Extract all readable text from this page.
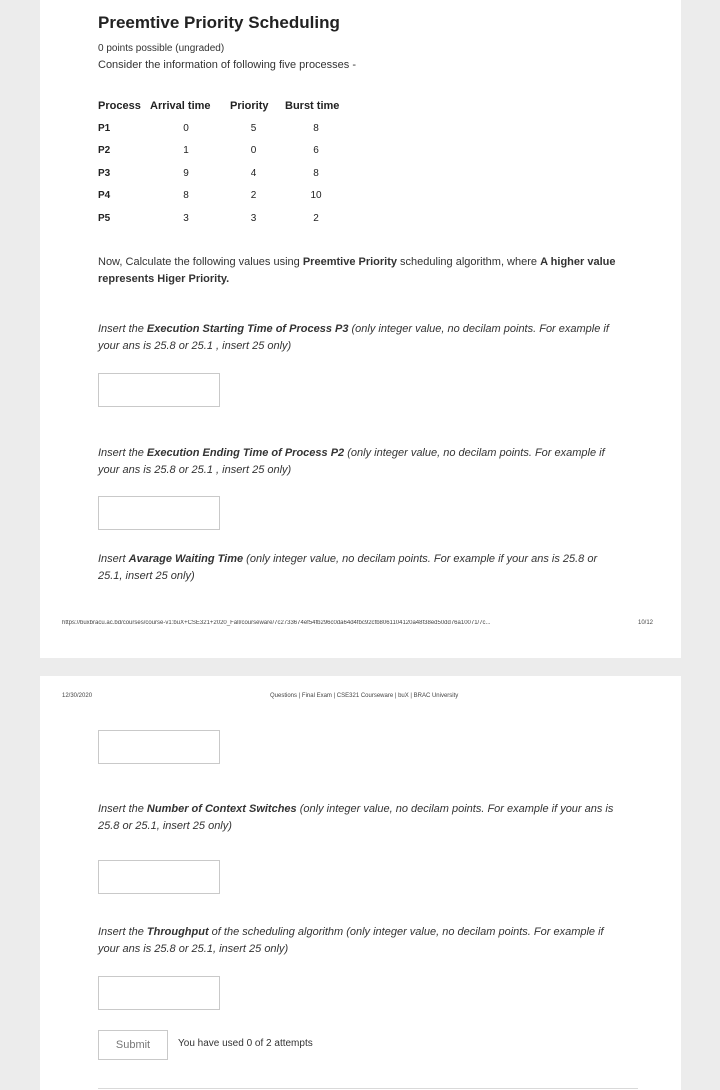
Preemtive Priority Scheduling
0 points possible (ungraded)
Consider the information of following five processes -
Process	Arrival time	Priority	Burst time
P1	0	5	8
P2	1	0	6
P3	9	4	8
P4	8	2	10
P5	3	3	2
Now, Calculate the following values using Preemtive Priority scheduling algorithm, where A higher value represents Higer Priority.
Insert the Execution Starting Time of Process P3 (only integer value, no decilam points. For example if your ans is 25.8 or 25.1 , insert 25 only)
Insert the Execution Ending Time of Process P2 (only integer value, no decilam points. For example if your ans is 25.8 or 25.1 , insert 25 only)
Insert Avarage Waiting Time (only integer value, no decilam points. For example if your ans is 25.8 or 25.1, insert 25 only)
https://buxbracu.ac.bd/courses/course-v1:buX+CSE321+2020_Fall/courseware/7c2733674ef54fb296c0da64d4fbc92cfb8061104120a48f38ed50dd76a10071/7c...	10/12
12/30/2020	Questions | Final Exam | CSE321 Courseware | buX | BRAC University
Insert the Number of Context Switches (only integer value, no decilam points. For example if your ans is 25.8 or 25.1, insert 25 only)
Insert the Throughput of the scheduling algorithm (only integer value, no decilam points. For example if your ans is 25.8 or 25.1, insert 25 only)
Submit	You have used 0 of 2 attempts
